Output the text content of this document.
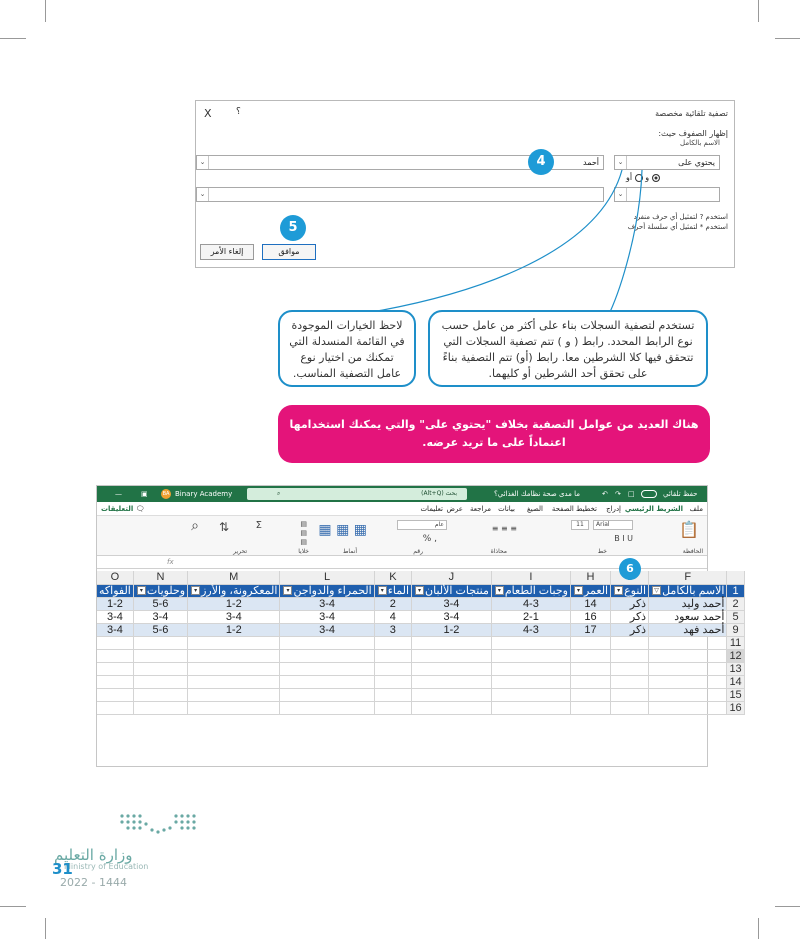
X	؟	تصفية تلقائية مخصصة
إظهار الصفوف حيث:
الاسم بالكامل
يحتوي على
⌄
أحمد
⌄	4
و  أو
⌄
⌄
استخدم ? لتمثيل أي حرف منفرد
استخدم * لتمثيل أي سلسلة أحرف
5
موافق
إلغاء الأمر
لاحظ الخيارات الموجودة في القائمة المنسدلة التي تمكنك من اختيار نوع عامل التصفية المناسب.
تستخدم لتصفية السجلات بناء على أكثر من عامل حسب نوع الرابط المحدد. رابط ( و ) تتم تصفية السجلات التي تتحقق فيها كلا الشرطين معا. رابط (أو) تتم التصفية بناءً على تحقق أحد الشرطين أو كليهما.
هناك العديد من عوامل التصفية بخلاف "يحتوي على" والتي يمكنك استخدامها اعتماداً على ما تريد عرضه.
—	▣	BA Binary Academy	⌕	بحث (Alt+Q)	ما مدى صحة نظامك الغذائي؟	↶ ↷ □	حفظ تلقائي
ملف
الشريط الرئيسي
إدراج
تخطيط الصفحة
الصيغ
بيانات
مراجعة
عرض
تعليمات
🗨 التعليقات
📋
Arial
11
B I U
≡ ≡ ≡
عام
% ,
▦ ▦ ▦
▤
▤
▤
Σ
⇅
⌕
الحافظة
خط
محاذاة
رقم
أنماط
خلايا
تحرير
fx	6
O	N	M	L	K	J	I	H		F	
الفواكه	وحلويات▾	المعكرونة، والأرز▾	الحمراء والدواجن▾	الماء▾	منتجات الألبان▾	وجبات الطعام▾	العمر▾	النوع▾	الاسم بالكامل▽	1
1-2	5-6	1-2	3-4	2	3-4	4-3	14	ذكر	أحمد وليد	2
3-4	3-4	3-4	3-4	4	3-4	2-1	16	ذكر	أحمد سعود	5
3-4	5-6	1-2	3-4	3	1-2	4-3	17	ذكر	أحمد فهد	9
										11
										12
										13
										14
										15
										16
وزارة التعليم
Ministry of Education
31
2022 - 1444
